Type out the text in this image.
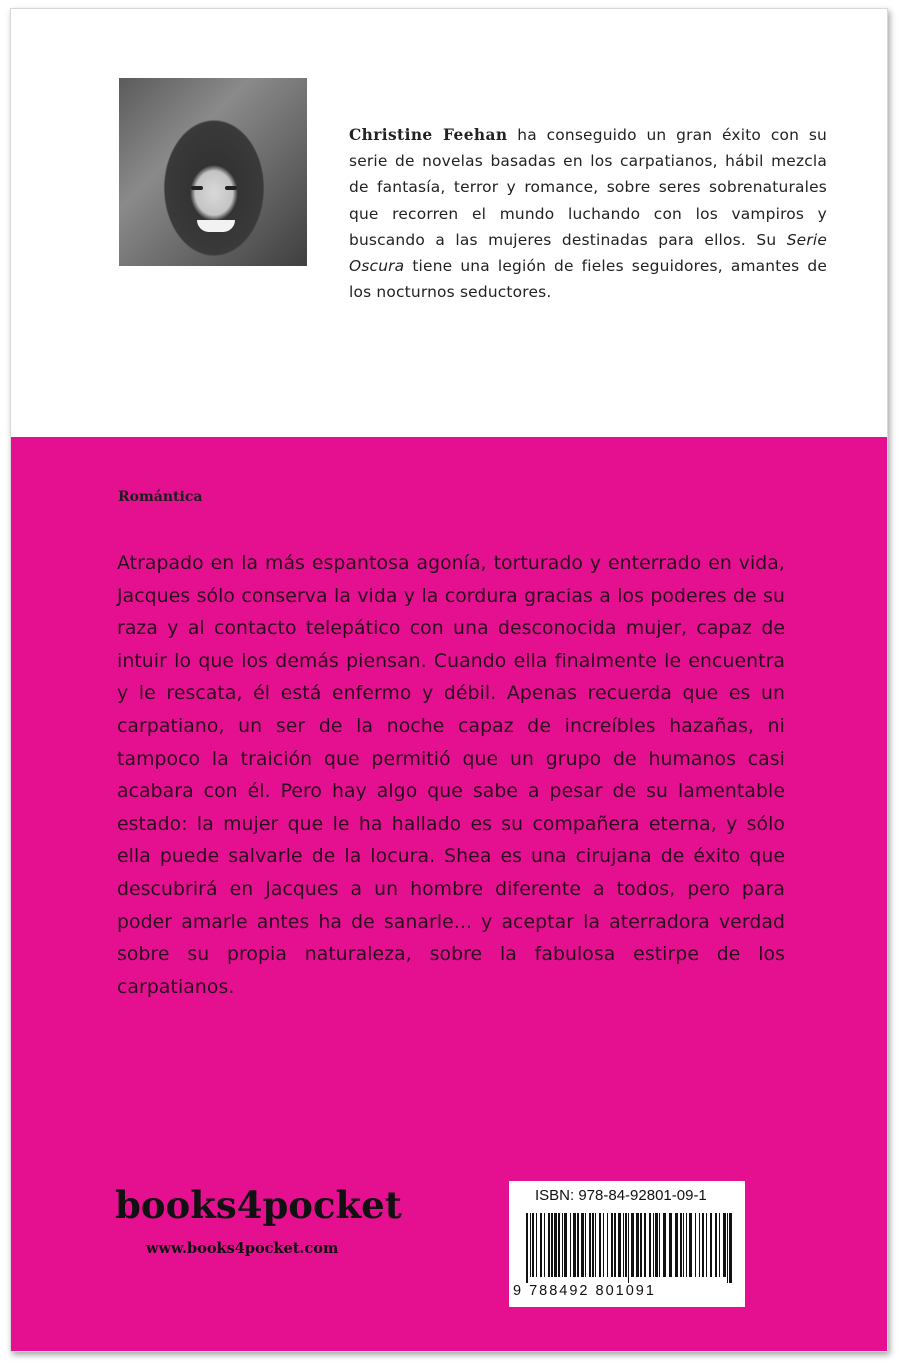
Christine Feehan ha conseguido un gran éxito con su serie de novelas basadas en los carpatianos, hábil mezcla de fantasía, terror y romance, sobre seres sobrenaturales que recorren el mundo luchando con los vampiros y buscando a las mujeres destinadas para ellos. Su Serie Oscura tiene una legión de fieles seguidores, amantes de los nocturnos seductores.
Romántica
Atrapado en la más espantosa agonía, torturado y enterrado en vida, Jacques sólo conserva la vida y la cordura gracias a los poderes de su raza y al contacto telepático con una desconocida mujer, capaz de intuir lo que los demás piensan. Cuando ella finalmente le encuentra y le rescata, él está enfermo y débil. Apenas recuerda que es un carpatiano, un ser de la noche capaz de increíbles hazañas, ni tampoco la traición que permitió que un grupo de humanos casi acabara con él. Pero hay algo que sabe a pesar de su lamentable estado: la mujer que le ha hallado es su compañera eterna, y sólo ella puede salvarle de la locura. Shea es una cirujana de éxito que descubrirá en Jacques a un hombre diferente a todos, pero para poder amarle antes ha de sanarle... y aceptar la aterradora verdad sobre su propia naturaleza, sobre la fabulosa estirpe de los carpatianos.
books4pocket
www.books4pocket.com
ISBN: 978-84-92801-09-1
9 788492 801091
